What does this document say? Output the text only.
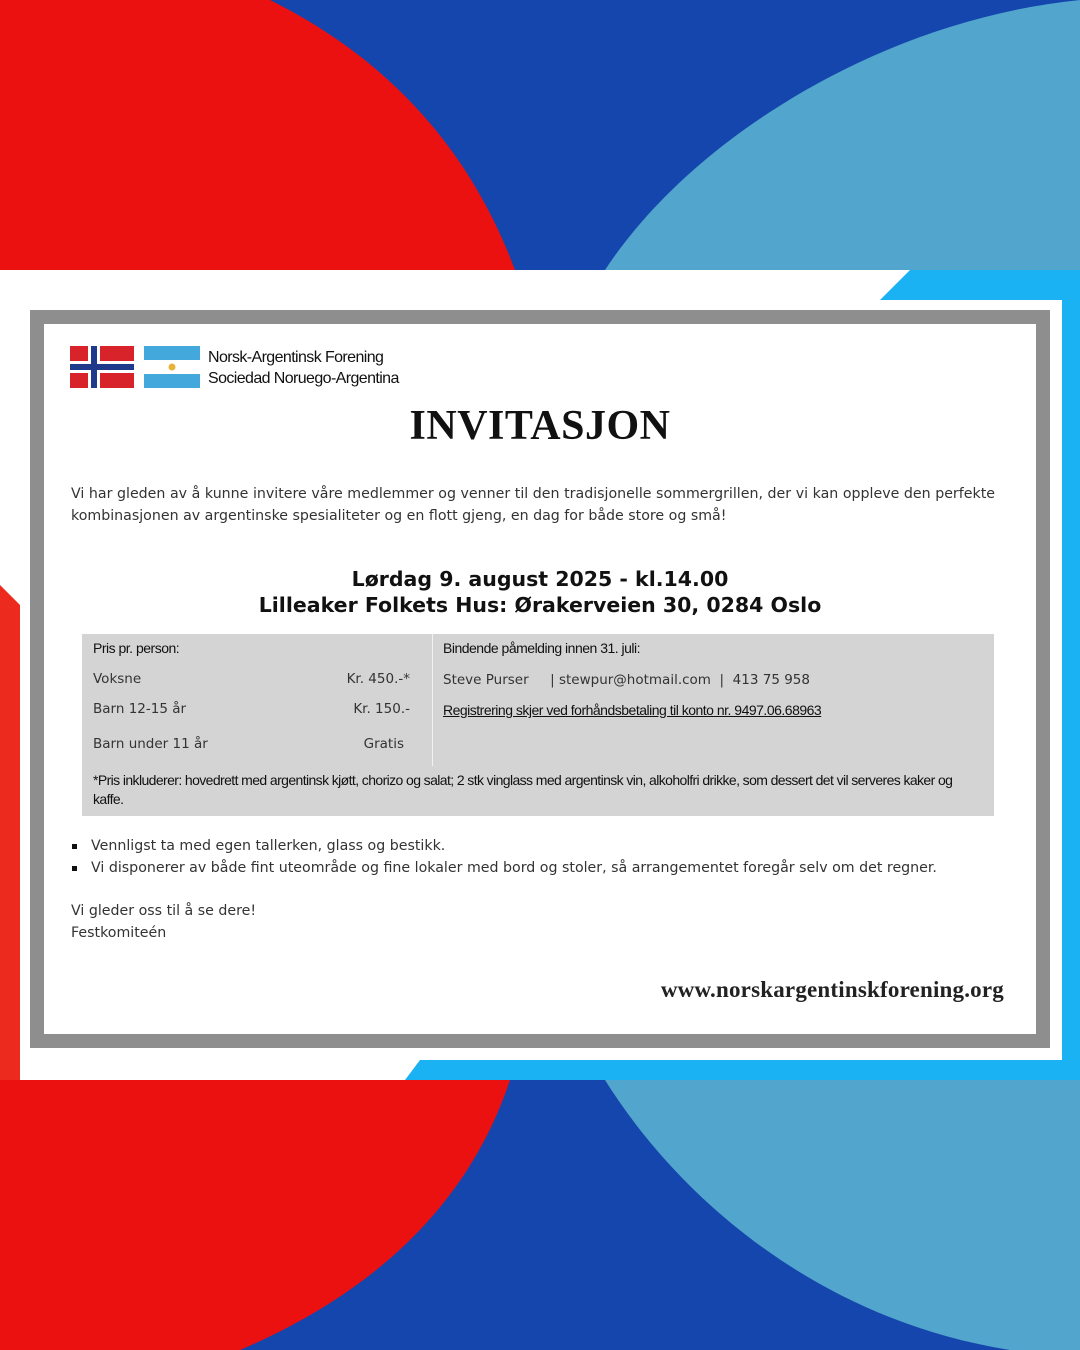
Norsk-Argentinsk Forening
Sociedad Noruego-Argentina
INVITASJON

Vi har gleden av å kunne invitere våre medlemmer og venner til den tradisjonelle sommergrillen, der vi kan oppleve den perfekte kombinasjonen av argentinske spesialiteter og en flott gjeng, en dag for både store og små!

Lørdag 9. august 2025 - kl.14.00
Lilleaker Folkets Hus: Ørakerveien 30, 0284 Oslo
Pris pr. person:
Voksne	Kr. 450.-*
Barn 12-15 år	Kr. 150.-
Barn under 11 år	Gratis
Bindende påmelding innen 31. juli:
Steve Purser     | stewpur@hotmail.com  |  413 75 958
Registrering skjer ved forhåndsbetaling til konto nr. 9497.06.68963
*Pris inkluderer: hovedrett med argentinsk kjøtt, chorizo og salat; 2 stk vinglass med argentinsk vin, alkoholfri drikke, som dessert det vil serveres kaker og kaffe.
Vennligst ta med egen tallerken, glass og bestikk.
Vi disponerer av både fint uteområde og fine lokaler med bord og stoler, så arrangementet foregår selv om det regner.
Vi gleder oss til å se dere!
Festkomiteén
www.norskargentinskforening.org
